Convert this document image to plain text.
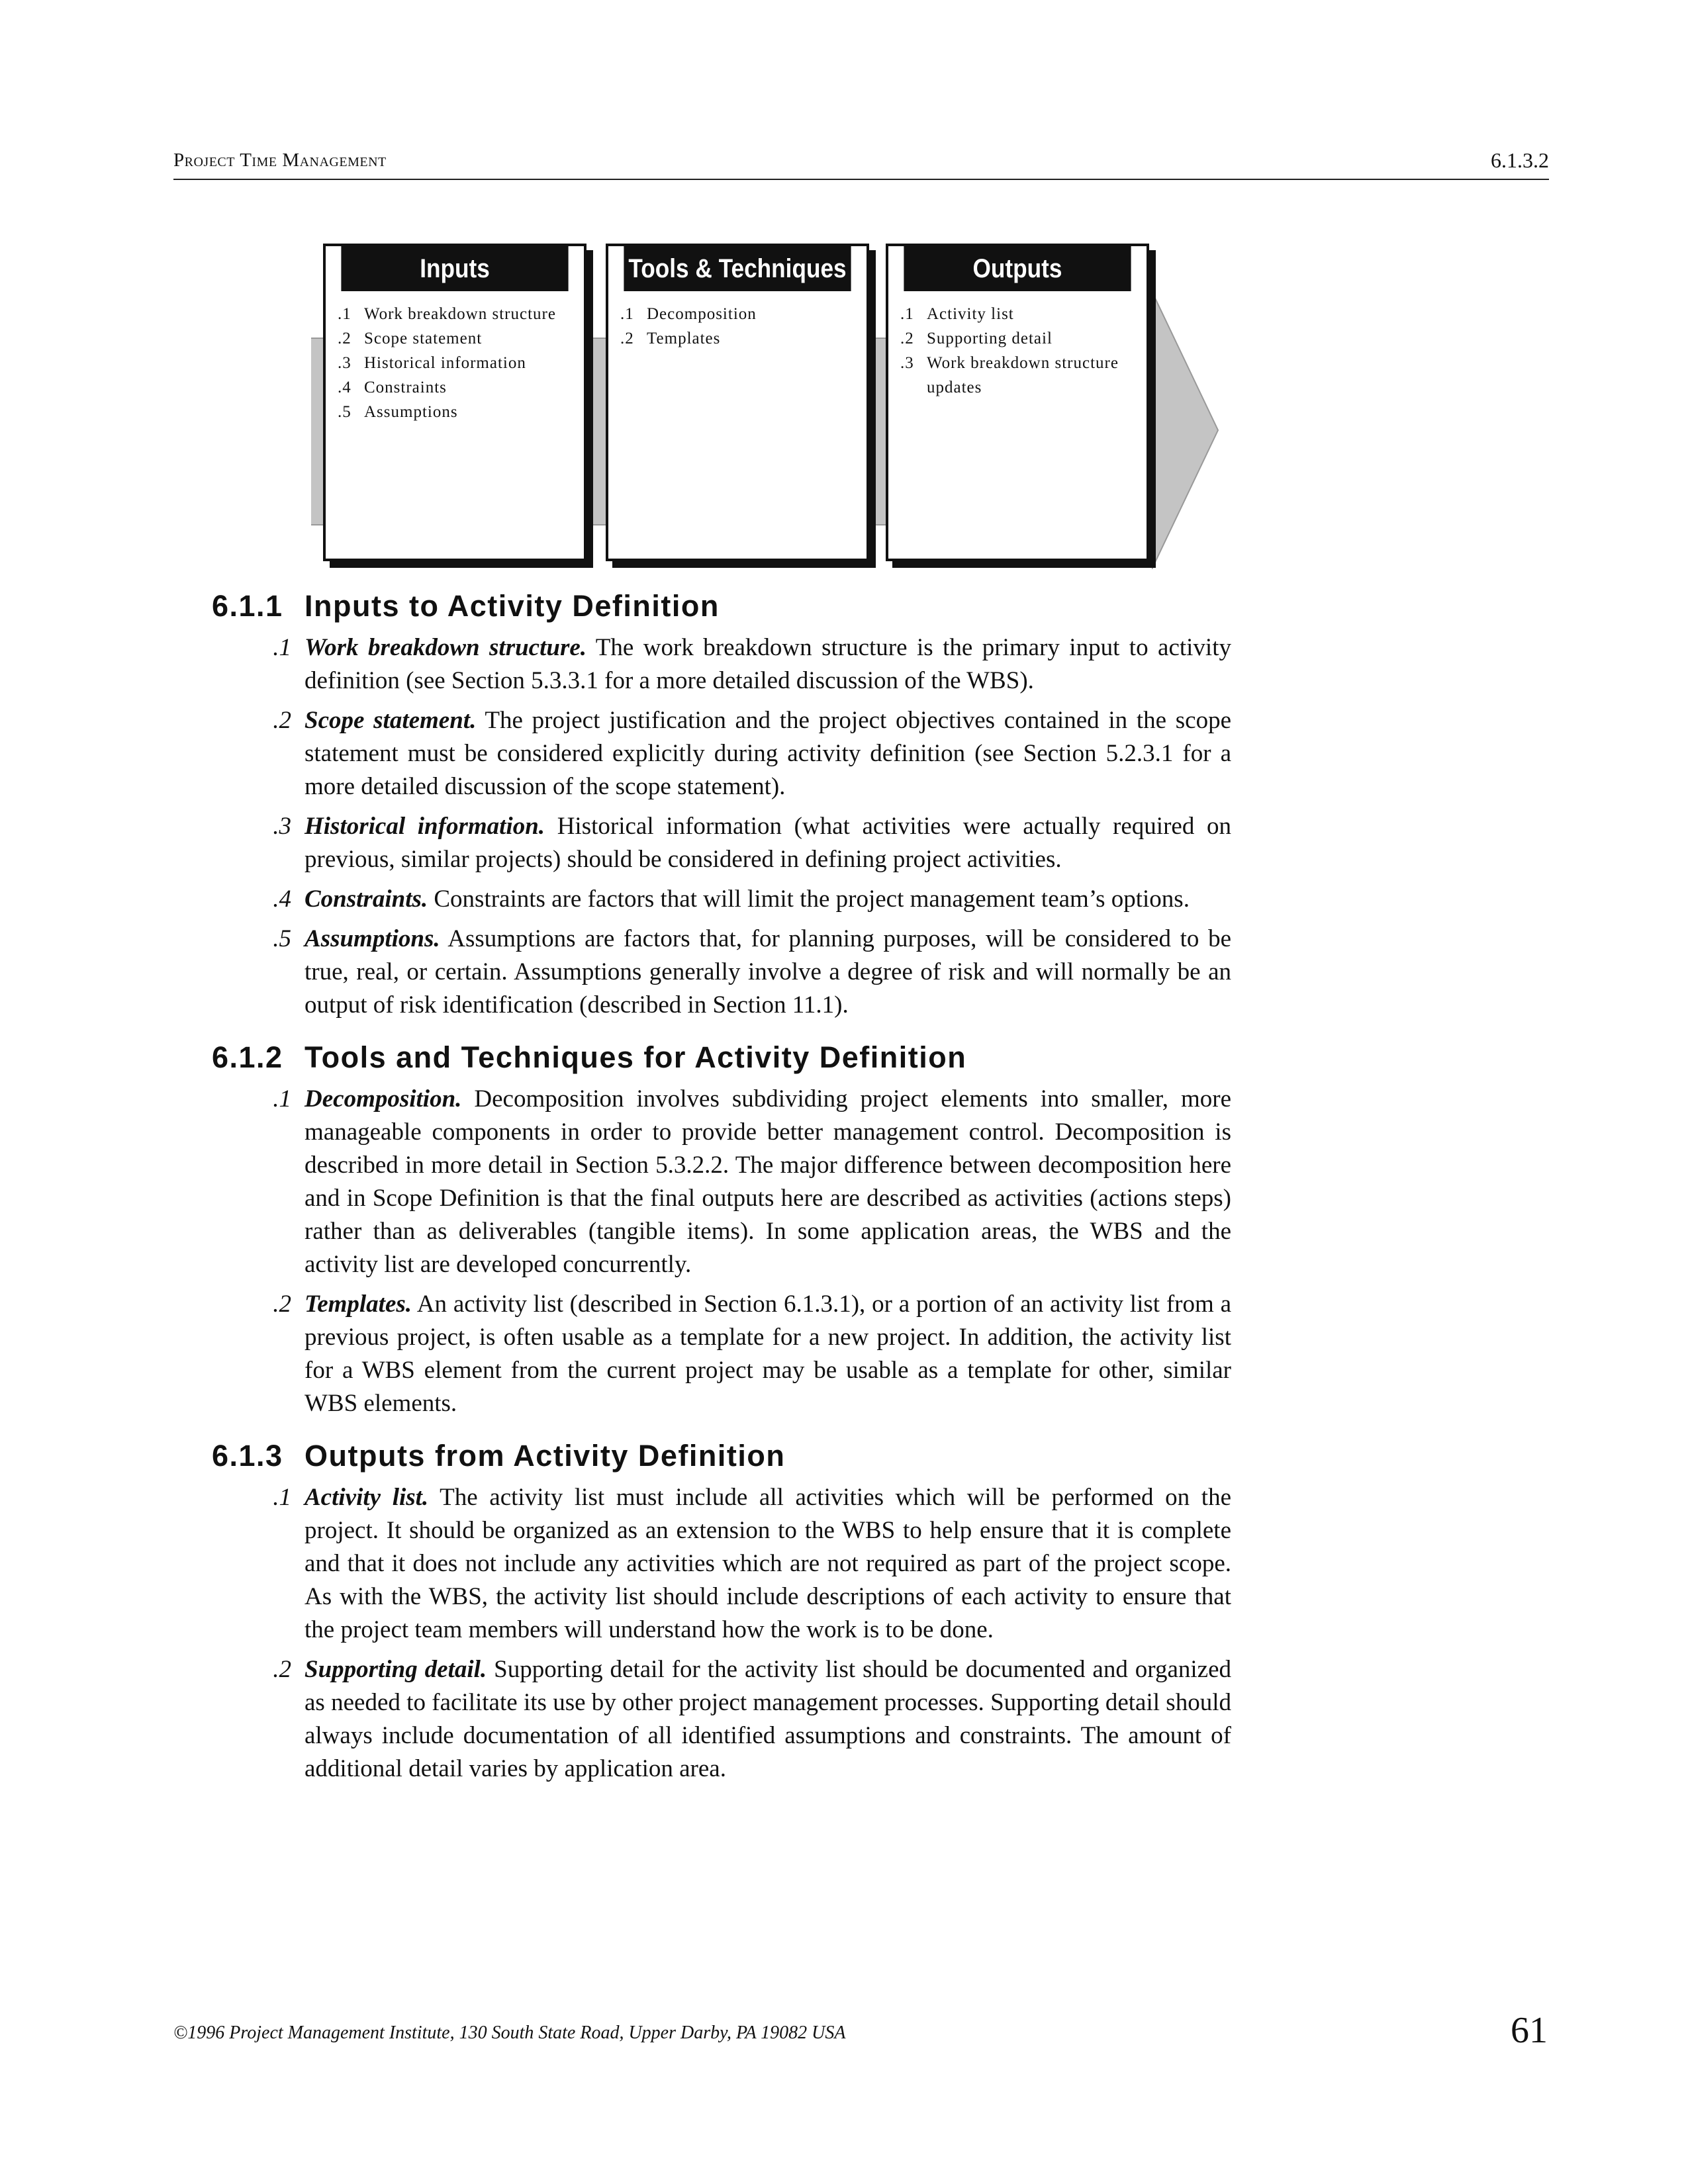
Project Time Management	6.1.3.2
Inputs
.1 Work breakdown structure
.2 Scope statement
.3 Historical information
.4 Constraints
.5 Assumptions
Tools & Techniques
.1 Decomposition
.2 Templates
Outputs
.1 Activity list
.2 Supporting detail
.3 Work breakdown structure updates
6.1.1 Inputs to Activity Definition
.1 Work breakdown structure. The work breakdown structure is the primary input to activity definition (see Section 5.3.3.1 for a more detailed discussion of the WBS).
.2 Scope statement. The project justification and the project objectives contained in the scope statement must be considered explicitly during activity definition (see Section 5.2.3.1 for a more detailed discussion of the scope statement).
.3 Historical information. Historical information (what activities were actually required on previous, similar projects) should be considered in defining project activities.
.4 Constraints. Constraints are factors that will limit the project management team’s options.
.5 Assumptions. Assumptions are factors that, for planning purposes, will be considered to be true, real, or certain. Assumptions generally involve a degree of risk and will normally be an output of risk identification (described in Section 11.1).
6.1.2 Tools and Techniques for Activity Definition
.1 Decomposition. Decomposition involves subdividing project elements into smaller, more manageable components in order to provide better management control. Decomposition is described in more detail in Section 5.3.2.2. The major difference between decomposition here and in Scope Definition is that the final outputs here are described as activities (actions steps) rather than as deliverables (tangible items). In some application areas, the WBS and the activity list are developed concurrently.
.2 Templates. An activity list (described in Section 6.1.3.1), or a portion of an activity list from a previous project, is often usable as a template for a new project. In addition, the activity list for a WBS element from the current project may be usable as a template for other, similar WBS elements.
6.1.3 Outputs from Activity Definition
.1 Activity list. The activity list must include all activities which will be performed on the project. It should be organized as an extension to the WBS to help ensure that it is complete and that it does not include any activities which are not required as part of the project scope. As with the WBS, the activity list should include descriptions of each activity to ensure that the project team members will understand how the work is to be done.
.2 Supporting detail. Supporting detail for the activity list should be documented and organized as needed to facilitate its use by other project management processes. Supporting detail should always include documentation of all identified assumptions and constraints. The amount of additional detail varies by application area.
©1996 Project Management Institute, 130 South State Road, Upper Darby, PA 19082 USA	61
